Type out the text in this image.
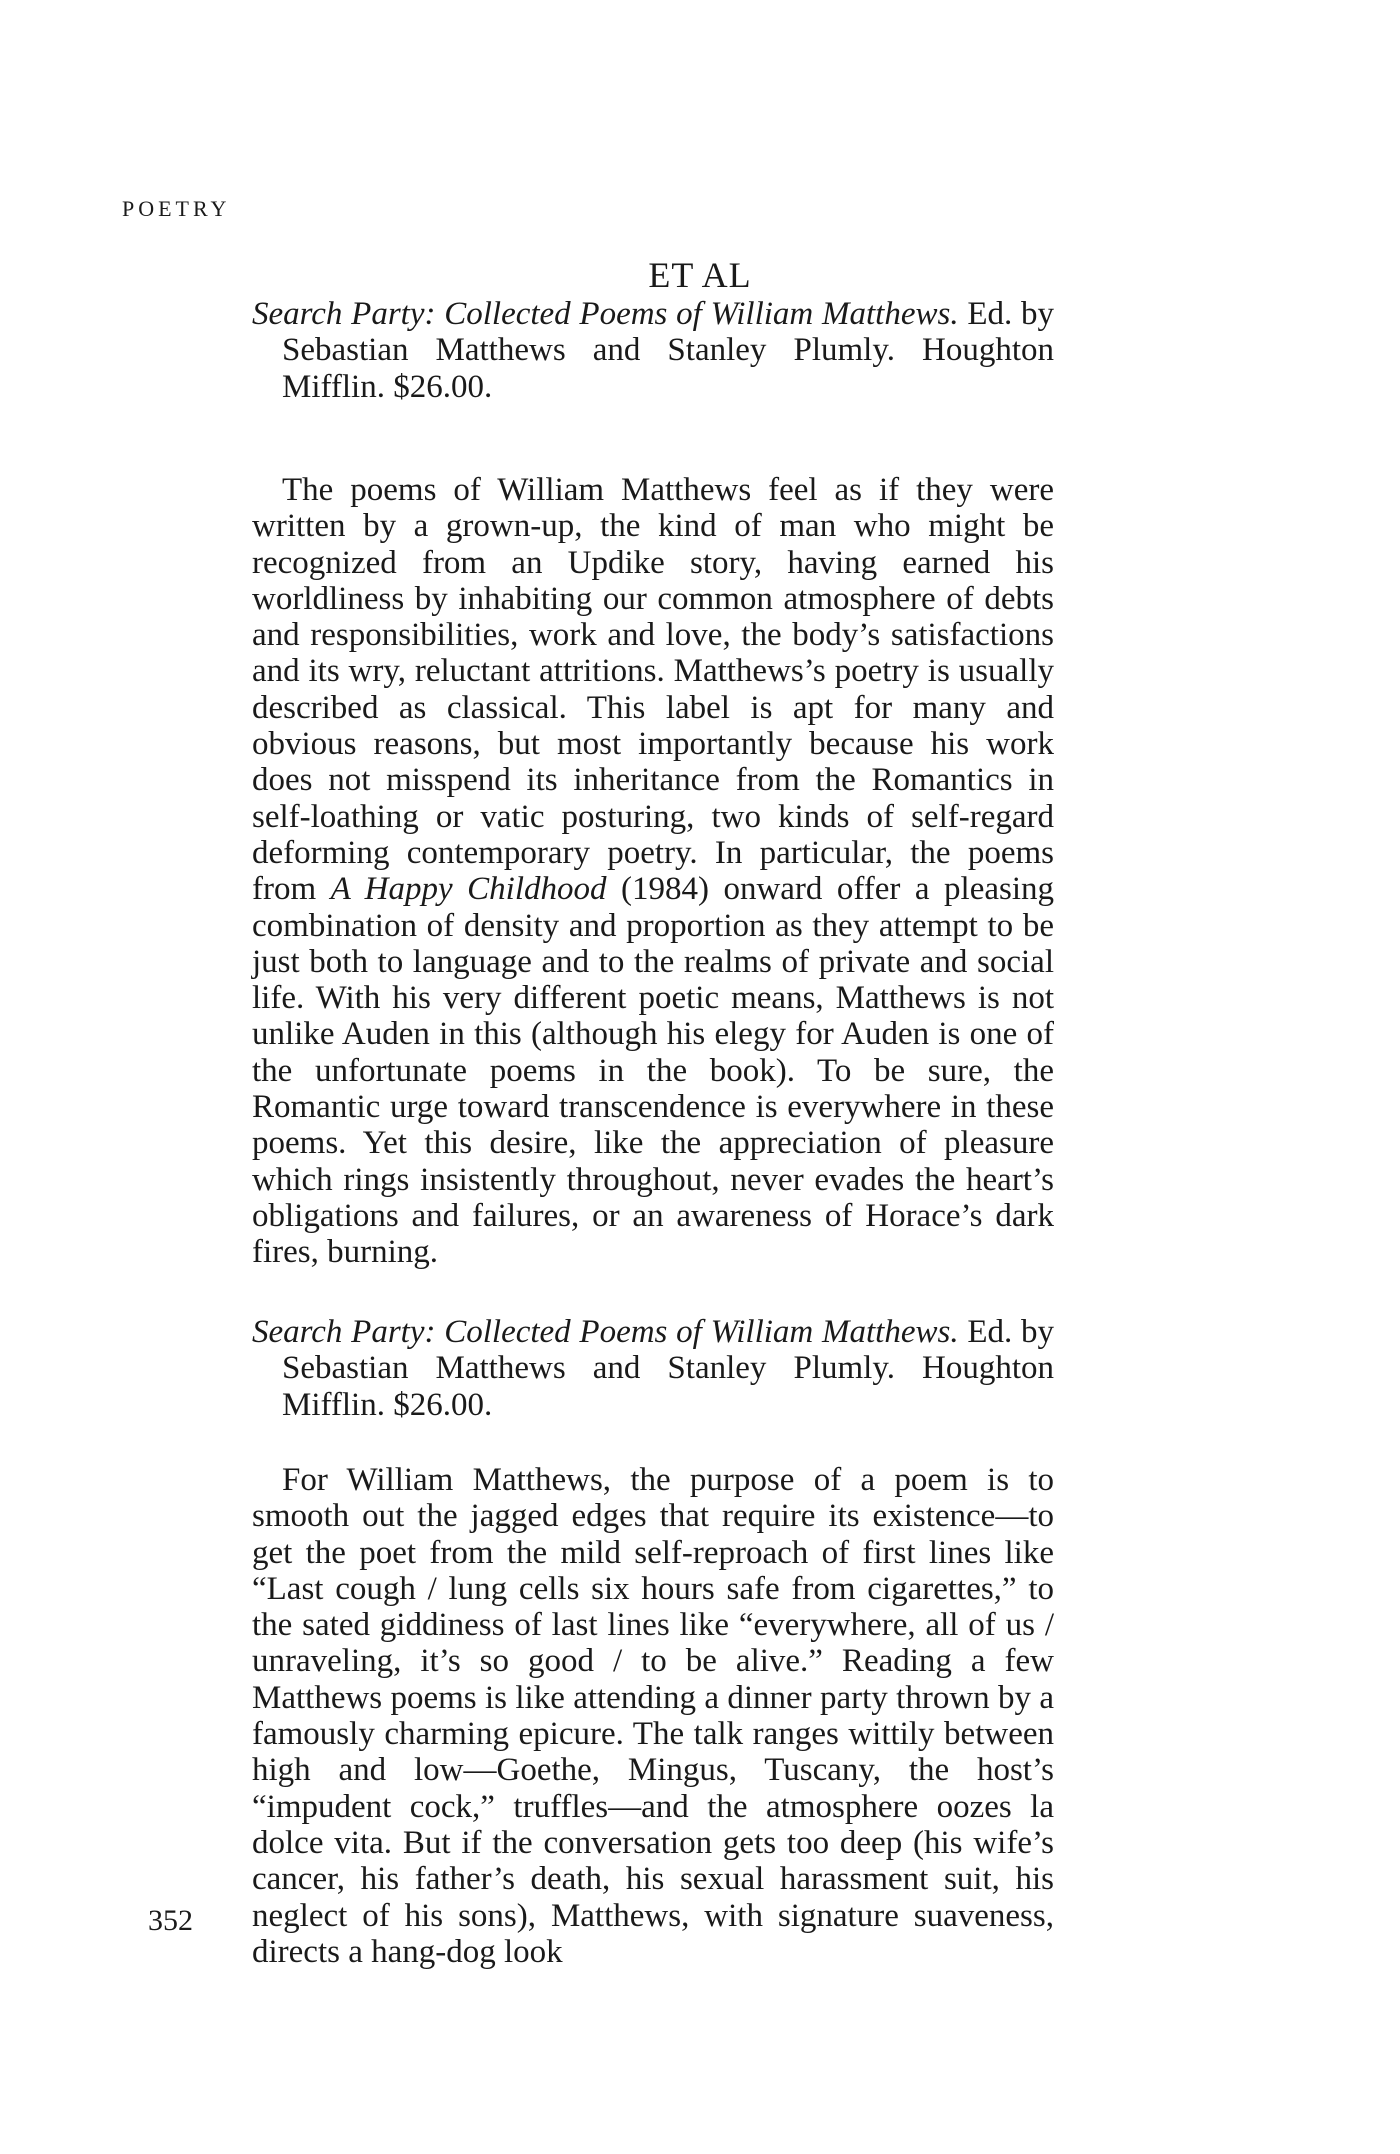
POETRY
ET AL

Search Party: Collected Poems of William Matthews. Ed. by Sebastian Matthews and Stanley Plumly. Houghton Mifflin. $26.00.

The poems of William Matthews feel as if they were written by a grown-up, the kind of man who might be recognized from an Updike story, having earned his worldliness by inhabiting our common atmosphere of debts and responsibilities, work and love, the body’s satisfactions and its wry, reluctant attritions. Matthews’s poetry is usually described as classical. This label is apt for many and obvious reasons, but most importantly because his work does not misspend its inheritance from the Romantics in self-loathing or vatic posturing, two kinds of self-regard deforming contemporary poetry. In particular, the poems from A Happy Childhood (1984) onward offer a pleasing combination of density and proportion as they attempt to be just both to language and to the realms of private and social life. With his very different poetic means, Matthews is not unlike Auden in this (although his elegy for Auden is one of the unfortunate poems in the book). To be sure, the Romantic urge toward transcendence is everywhere in these poems. Yet this desire, like the appreciation of pleasure which rings insistently throughout, never evades the heart’s obligations and failures, or an awareness of Horace’s dark fires, burning.

Search Party: Collected Poems of William Matthews. Ed. by Sebastian Matthews and Stanley Plumly. Houghton Mifflin. $26.00.

For William Matthews, the purpose of a poem is to smooth out the jagged edges that require its existence—to get the poet from the mild self-reproach of first lines like “Last cough / lung cells six hours safe from cigarettes,” to the sated giddiness of last lines like “everywhere, all of us / unraveling, it’s so good / to be alive.” Reading a few Matthews poems is like attending a dinner party thrown by a famously charming epicure. The talk ranges wittily between high and low—Goethe, Mingus, Tuscany, the host’s “impudent cock,” truffles—and the atmosphere oozes la dolce vita. But if the conversation gets too deep (his wife’s cancer, his father’s death, his sexual harassment suit, his neglect of his sons), Matthews, with signature suaveness, directs a hang-dog look

352
